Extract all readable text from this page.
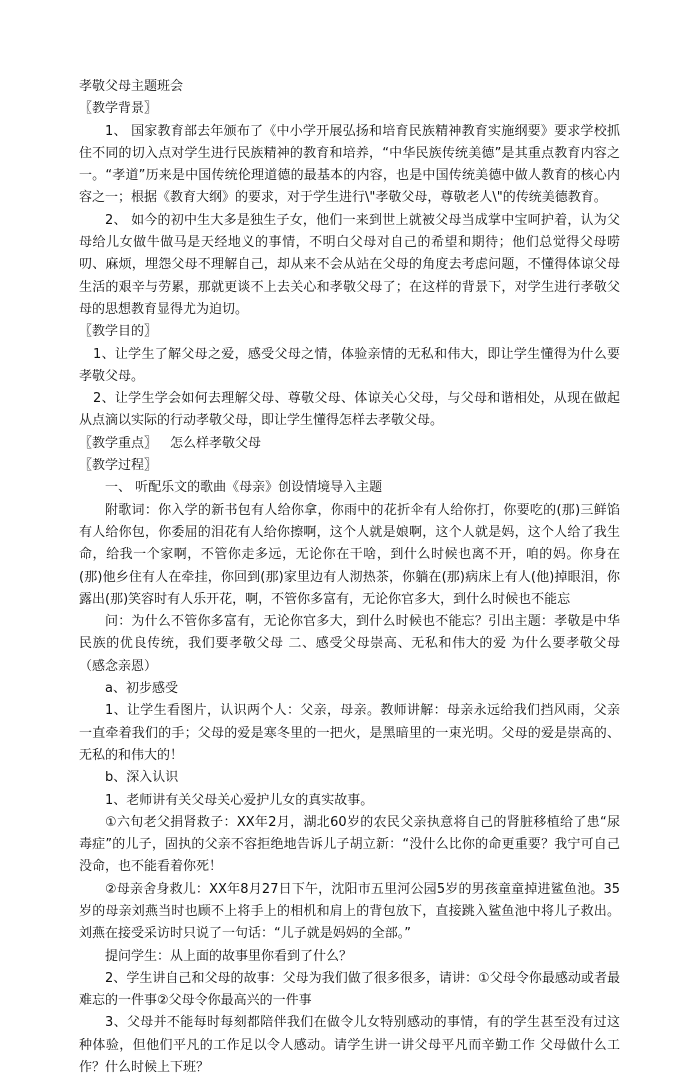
孝敬父母主题班会

〖教学背景〗

1、 国家教育部去年颁布了《中小学开展弘扬和培育民族精神教育实施纲要》要求学校抓住不同的切入点对学生进行民族精神的教育和培养，“中华民族传统美德”是其重点教育内容之一。“孝道”历来是中国传统伦理道德的最基本的内容，也是中国传统美德中做人教育的核心内容之一；根据《教育大纲》的要求，对于学生进行\"孝敬父母，尊敬老人\"的传统美德教育。

2、 如今的初中生大多是独生子女，他们一来到世上就被父母当成掌中宝呵护着，认为父母给儿女做牛做马是天经地义的事情，不明白父母对自己的希望和期待；他们总觉得父母唠叨、麻烦，埋怨父母不理解自己，却从来不会从站在父母的角度去考虑问题，不懂得体谅父母生活的艰辛与劳累，那就更谈不上去关心和孝敬父母了；在这样的背景下，对学生进行孝敬父母的思想教育显得尤为迫切。

〖教学目的〗

1、让学生了解父母之爱，感受父母之情，体验亲情的无私和伟大，即让学生懂得为什么要孝敬父母。

2、让学生学会如何去理解父母、尊敬父母、体谅关心父母，与父母和谐相处，从现在做起从点滴以实际的行动孝敬父母，即让学生懂得怎样去孝敬父母。

〖教学重点〗  怎么样孝敬父母

〖教学过程〗

一、 听配乐文的歌曲《母亲》创设情境导入主题

附歌词：你入学的新书包有人给你拿，你雨中的花折伞有人给你打，你要吃的(那)三鲜馅有人给你包，你委屈的泪花有人给你擦啊，这个人就是娘啊，这个人就是妈，这个人给了我生命，给我一个家啊，不管你走多远，无论你在干啥，到什么时候也离不开，咱的妈。你身在(那)他乡住有人在牵挂，你回到(那)家里边有人沏热茶，你躺在(那)病床上有人(他)掉眼泪，你露出(那)笑容时有人乐开花，啊，不管你多富有，无论你官多大，到什么时候也不能忘

问：为什么不管你多富有，无论你官多大，到什么时候也不能忘？引出主题：孝敬是中华民族的优良传统，我们要孝敬父母 二、感受父母崇高、无私和伟大的爱 为什么要孝敬父母（感念亲恩）

a、初步感受

1、让学生看图片，认识两个人：父亲，母亲。教师讲解：母亲永远给我们挡风雨，父亲一直牵着我们的手；父母的爱是寒冬里的一把火，是黑暗里的一束光明。父母的爱是崇高的、无私的和伟大的！

b、深入认识

1、老师讲有关父母关心爱护儿女的真实故事。

①六旬老父捐肾救子：XX年2月，湖北60岁的农民父亲执意将自己的肾脏移植给了患“尿毒症”的儿子，固执的父亲不容拒绝地告诉儿子胡立新：“没什么比你的命更重要？我宁可自己没命，也不能看着你死！

②母亲舍身救儿：XX年8月27日下午，沈阳市五里河公园5岁的男孩童童掉进鲨鱼池。35岁的母亲刘燕当时也顾不上将手上的相机和肩上的背包放下，直接跳入鲨鱼池中将儿子救出。刘燕在接受采访时只说了一句话：“儿子就是妈妈的全部。”

提问学生：从上面的故事里你看到了什么？

2、学生讲自己和父母的故事：父母为我们做了很多很多，请讲：①父母令你最感动或者最难忘的一件事②父母令你最高兴的一件事

3、父母并不能每时每刻都陪伴我们在做令儿女特别感动的事情，有的学生甚至没有过这种体验，但他们平凡的工作足以令人感动。请学生讲一讲父母平凡而辛勤工作 父母做什么工作？什么时候上下班？
